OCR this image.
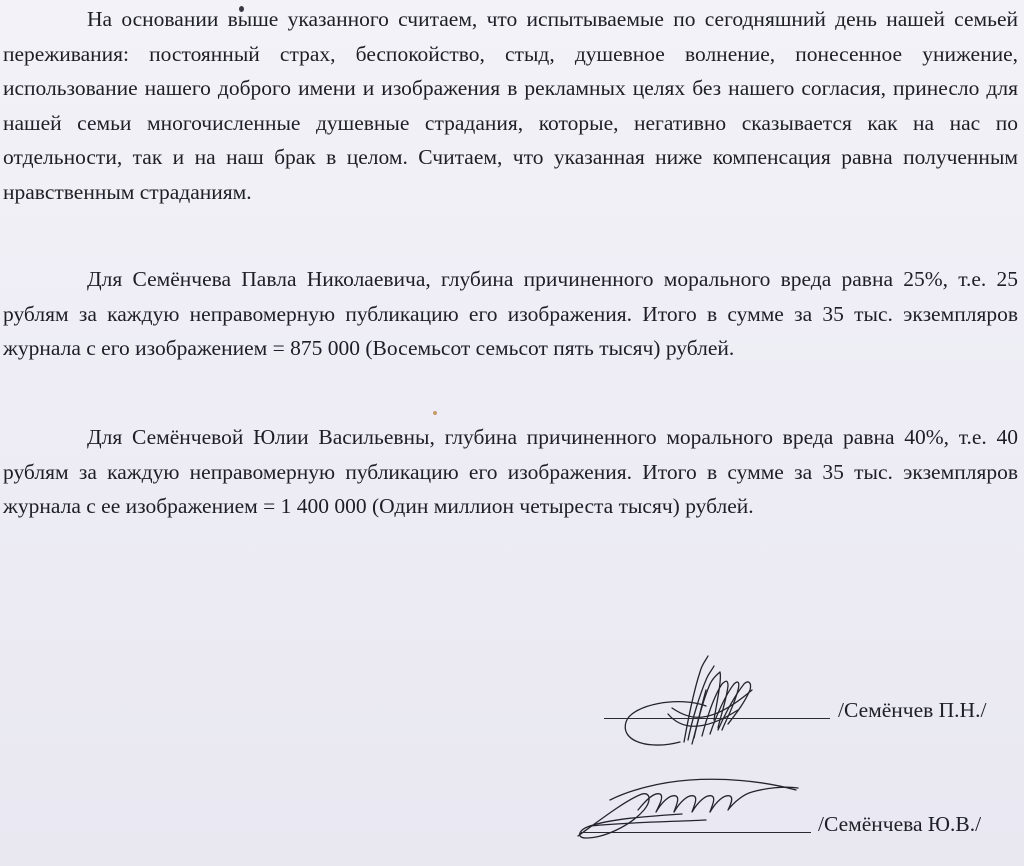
На основании выше указанного считаем, что испытываемые по сегодняшний день нашей семьей переживания: постоянный страх, беспокойство, стыд, душевное волнение, понесенное унижение, использование нашего доброго имени и изображения в рекламных целях без нашего согласия, принесло для нашей семьи многочисленные душевные страдания, которые, негативно сказывается как на нас по отдельности, так и на наш брак в целом. Считаем, что указанная ниже компенсация равна полученным нравственным страданиям.

Для Семёнчева Павла Николаевича, глубина причиненного морального вреда равна 25%, т.е. 25 рублям за каждую неправомерную публикацию его изображения. Итого в сумме за 35 тыс. экземпляров журнала с его изображением = 875 000 (Восемьсот семьсот пять тысяч) рублей.

Для Семёнчевой Юлии Васильевны, глубина причиненного морального вреда равна 40%, т.е. 40 рублям за каждую неправомерную публикацию его изображения. Итого в сумме за 35 тыс. экземпляров журнала с ее изображением = 1 400 000 (Один миллион четыреста тысяч) рублей.

/Семёнчев П.Н./
/Семёнчева Ю.В./
